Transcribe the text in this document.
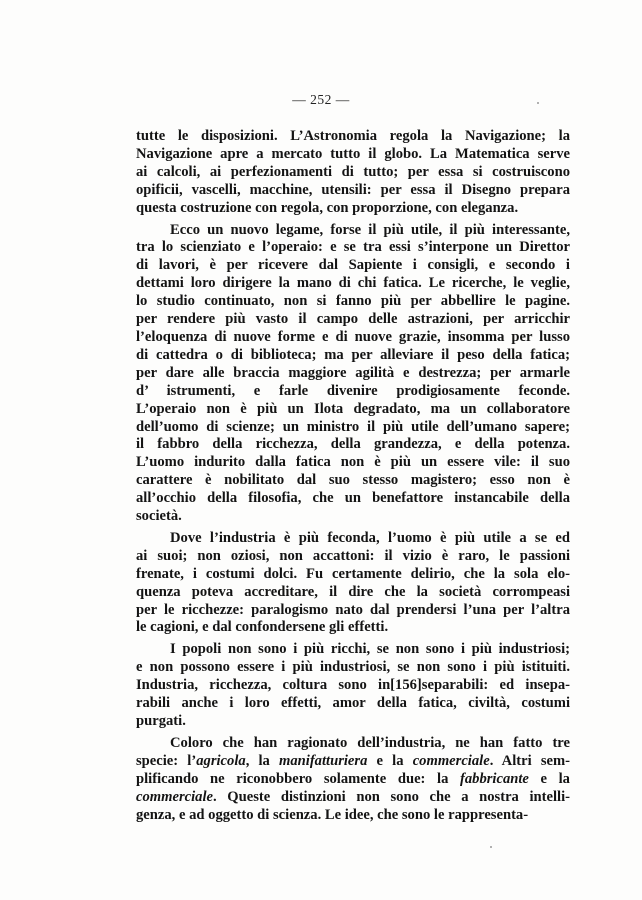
— 252 —
tutte le disposizioni. L’Astronomia regola la Navigazione; la
Navigazione apre a mercato tutto il globo. La Matematica serve
ai calcoli, ai perfezionamenti di tutto; per essa si costruiscono
opificii, vascelli, macchine, utensili: per essa il Disegno prepara
questa costruzione con regola, con proporzione, con eleganza.
Ecco un nuovo legame, forse il più utile, il più interessante,
tra lo scienziato e l’operaio: e se tra essi s’interpone un Direttor
di lavori, è per ricevere dal Sapiente i consigli, e secondo i
dettami loro dirigere la mano di chi fatica. Le ricerche, le veglie,
lo studio continuato, non si fanno più per abbellire le pagine.
per rendere più vasto il campo delle astrazioni, per arricchir
l’eloquenza di nuove forme e di nuove grazie, insomma per lusso
di cattedra o di biblioteca; ma per alleviare il peso della fatica;
per dare alle braccia maggiore agilità e destrezza; per armarle
d’ istrumenti, e farle divenire prodigiosamente feconde.
L’operaio non è più un Ilota degradato, ma un collaboratore
dell’uomo di scienze; un ministro il più utile dell’umano sapere;
il fabbro della ricchezza, della grandezza, e della potenza.
L’uomo indurito dalla fatica non è più un essere vile: il suo
carattere è nobilitato dal suo stesso magistero; esso non è
all’occhio della filosofia, che un benefattore instancabile della
società.
Dove l’industria è più feconda, l’uomo è più utile a se ed
ai suoi; non oziosi, non accattoni: il vizio è raro, le passioni
frenate, i costumi dolci. Fu certamente delirio, che la sola elo-
quenza poteva accreditare, il dire che la società corrompeasi
per le ricchezze: paralogismo nato dal prendersi l’una per l’altra
le cagioni, e dal confondersene gli effetti.
I popoli non sono i più ricchi, se non sono i più industriosi;
e non possono essere i più industriosi, se non sono i più istituiti.
Industria, ricchezza, coltura sono in[156]separabili: ed insepa-
rabili anche i loro effetti, amor della fatica, civiltà, costumi
purgati.
Coloro che han ragionato dell’industria, ne han fatto tre
specie: l’agricola, la manifatturiera e la commerciale. Altri sem-
plificando ne riconobbero solamente due: la fabbricante e la
commerciale. Queste distinzioni non sono che a nostra intelli-
genza, e ad oggetto di scienza. Le idee, che sono le rappresenta-
